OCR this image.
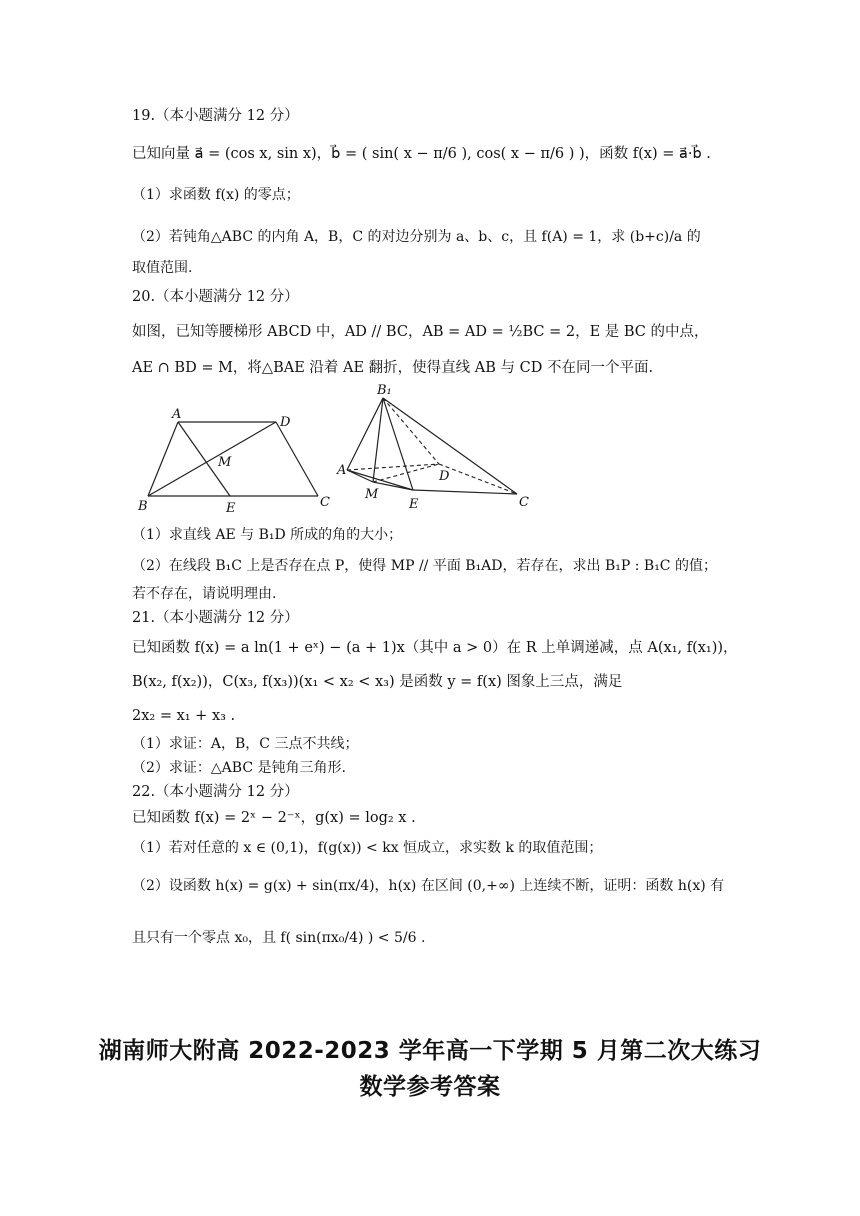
19.（本小题满分 12 分）
已知向量 a⃗ = (cos x, sin x)，b⃗ = ( sin( x − π/6 ), cos( x − π/6 ) )，函数 f(x) = a⃗·b⃗ .
（1）求函数 f(x) 的零点；
（2）若钝角△ABC 的内角 A，B，C 的对边分别为 a、b、c，且 f(A) = 1，求 (b+c)/a 的
取值范围.
20.（本小题满分 12 分）
如图，已知等腰梯形 ABCD 中，AD // BC，AB = AD = ½BC = 2，E 是 BC 的中点，
AE ∩ BD = M，将△BAE 沿着 AE 翻折，使得直线 AB 与 CD 不在同一个平面.
A
D
M
B	E	C
B₁
A	D
M
E	C
（1）求直线 AE 与 B₁D 所成的角的大小；
（2）在线段 B₁C 上是否存在点 P，使得 MP // 平面 B₁AD，若存在，求出 B₁P : B₁C 的值；
若不存在，请说明理由.
21.（本小题满分 12 分）
已知函数 f(x) = a ln(1 + eˣ) − (a + 1)x（其中 a > 0）在 R 上单调递减，点 A(x₁, f(x₁))，
B(x₂, f(x₂))，C(x₃, f(x₃))(x₁ < x₂ < x₃) 是函数 y = f(x) 图象上三点，满足
2x₂ = x₁ + x₃ .
（1）求证：A，B，C 三点不共线；
（2）求证：△ABC 是钝角三角形.
22.（本小题满分 12 分）
已知函数 f(x) = 2ˣ − 2⁻ˣ，g(x) = log₂ x .
（1）若对任意的 x ∈ (0,1)，f(g(x)) < kx 恒成立，求实数 k 的取值范围；
（2）设函数 h(x) = g(x) + sin(πx/4)，h(x) 在区间 (0,+∞) 上连续不断，证明：函数 h(x) 有
且只有一个零点 x₀，且 f( sin(πx₀/4) ) < 5/6 .
湖南师大附高 2022-2023 学年高一下学期 5 月第二次大练习
数学参考答案
